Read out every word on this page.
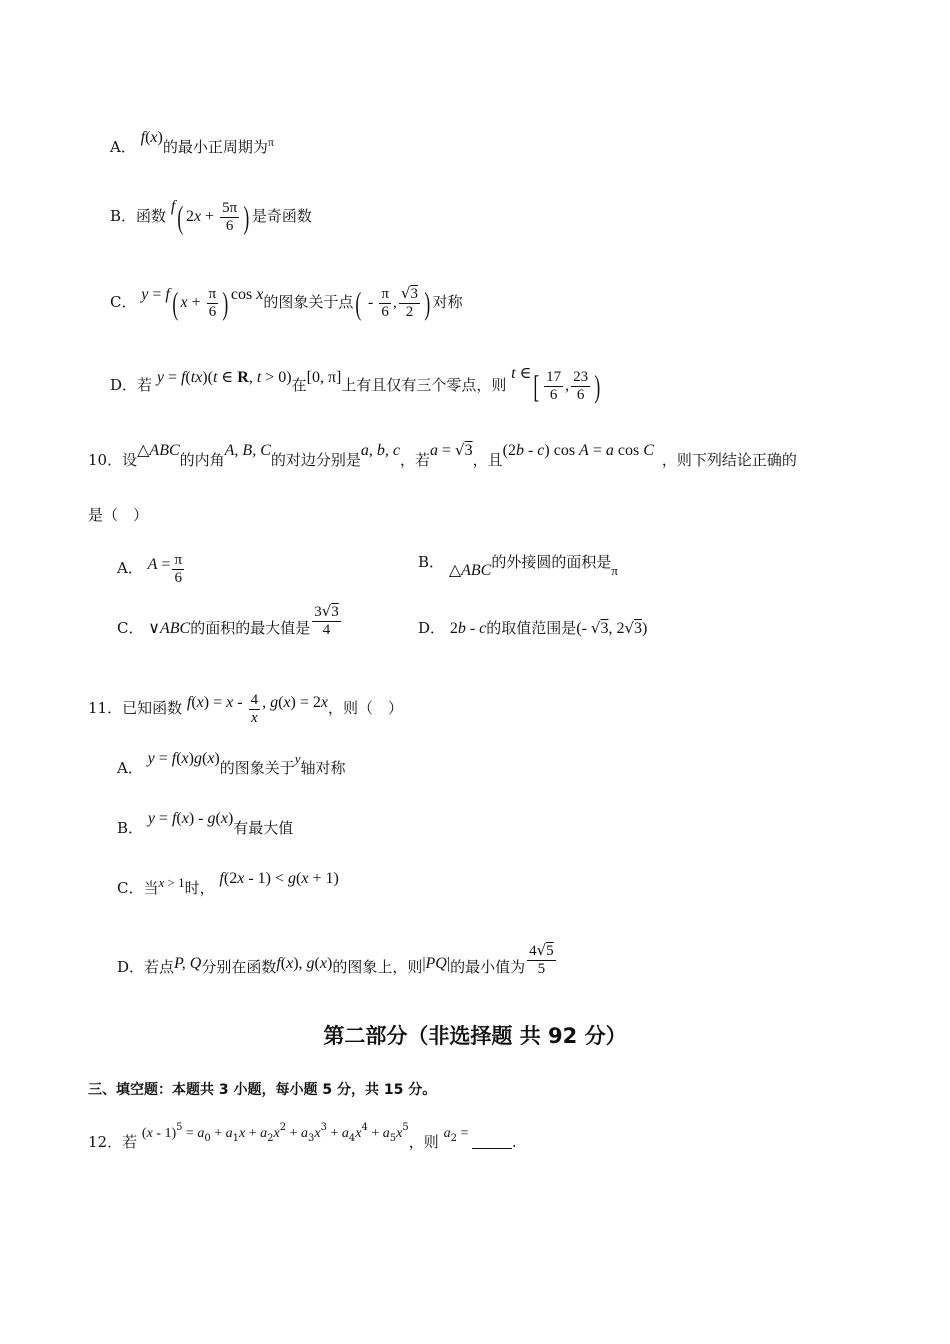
A． f(x)的最小正周期为$^\pi$
B．函数 f( $2x + \frac{5\pi}{6}$ ) 是奇函数
C． y = f( $x + \frac{\pi}{6}$ ) cos x的图象关于点( - $\frac{\pi}{6}$ , $\frac{√3}{2}$ ) 对称
D．若 y = f(tx)(t ∈ R, t > 0)在[0, π]上有且仅有三个零点，则 t ∈[ $\frac{17}{6}$ , $\frac{23}{6}$ )
10．设△ABC的内角A, B, C的对边分别是a, b, c，若a = √3，且(2b - c) cos A = a cos C，则下列结论正确的
是（　）
A． $A = \frac{\pi}{6}$	B． △ABC的外接圆的面积是π
C． ∨ABC的面积的最大值是 $\frac{3√3}{4}$	D． 2b - c的取值范围是(- √3, 2√3)
11．已知函数 $f(x) = x - \frac{4}{x}$ , g(x) = 2x，则（　）
A． y = f(x)g(x)的图象关于y轴对称
B． y = f(x) - g(x)有最大值
C．当x > 1时， f(2x - 1) < g(x + 1)
D．若点P, Q分别在函数f(x), g(x)的图象上，则|PQ|的最小值为 $\frac{4√5}{5}$
第二部分（非选择题 共 92 分）
三、填空题：本题共 3 小题，每小题 5 分，共 15 分。
12．若 $(x - 1)^5 = a_0 + a_1x + a_2x^2 + a_3x^3 + a_4x^4 + a_5x^5$，则 $a_2$ =	.
